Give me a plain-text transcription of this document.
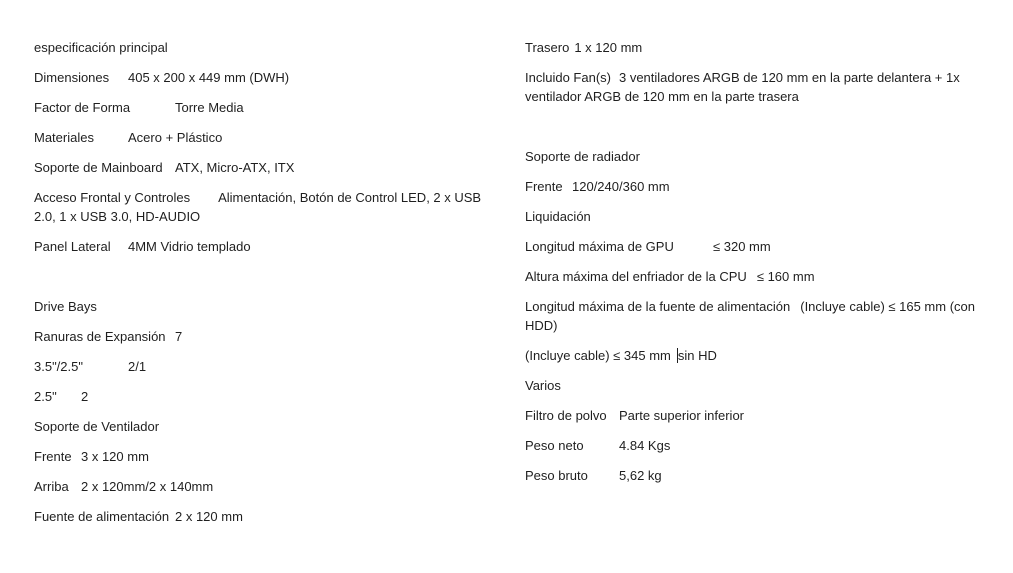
especificación principal
Dimensiones 405 x 200 x 449 mm (DWH)
Factor de Forma	Torre Media
Materiales	Acero + Plástico
Soporte de Mainboard ATX, Micro-ATX, ITX
Acceso Frontal y Controles Alimentación, Botón de Control LED, 2 x USB 2.0, 1 x USB 3.0, HD-AUDIO
Panel Lateral 4MM Vidrio templado
Drive Bays
Ranuras de Expansión 7
3.5"/2.5"	2/1
2.5" 2
Soporte de Ventilador
Frente 3 x 120 mm
Arriba 2 x 120mm/2 x 140mm
Fuente de alimentación 2 x 120 mm
Trasero 1 x 120 mm
Incluido Fan(s) 3 ventiladores ARGB de 120 mm en la parte delantera + 1x ventilador ARGB de 120 mm en la parte trasera
Soporte de radiador
Frente 120/240/360 mm
Liquidación
Longitud máxima de GPU	≤ 320 mm
Altura máxima del enfriador de la CPU ≤ 160 mm
Longitud máxima de la fuente de alimentación (Incluye cable) ≤ 165 mm (con HDD)
(Incluye cable) ≤ 345 mm sin HD
Varios
Filtro de polvo Parte superior inferior
Peso neto	4.84 Kgs
Peso bruto 5,62 kg
